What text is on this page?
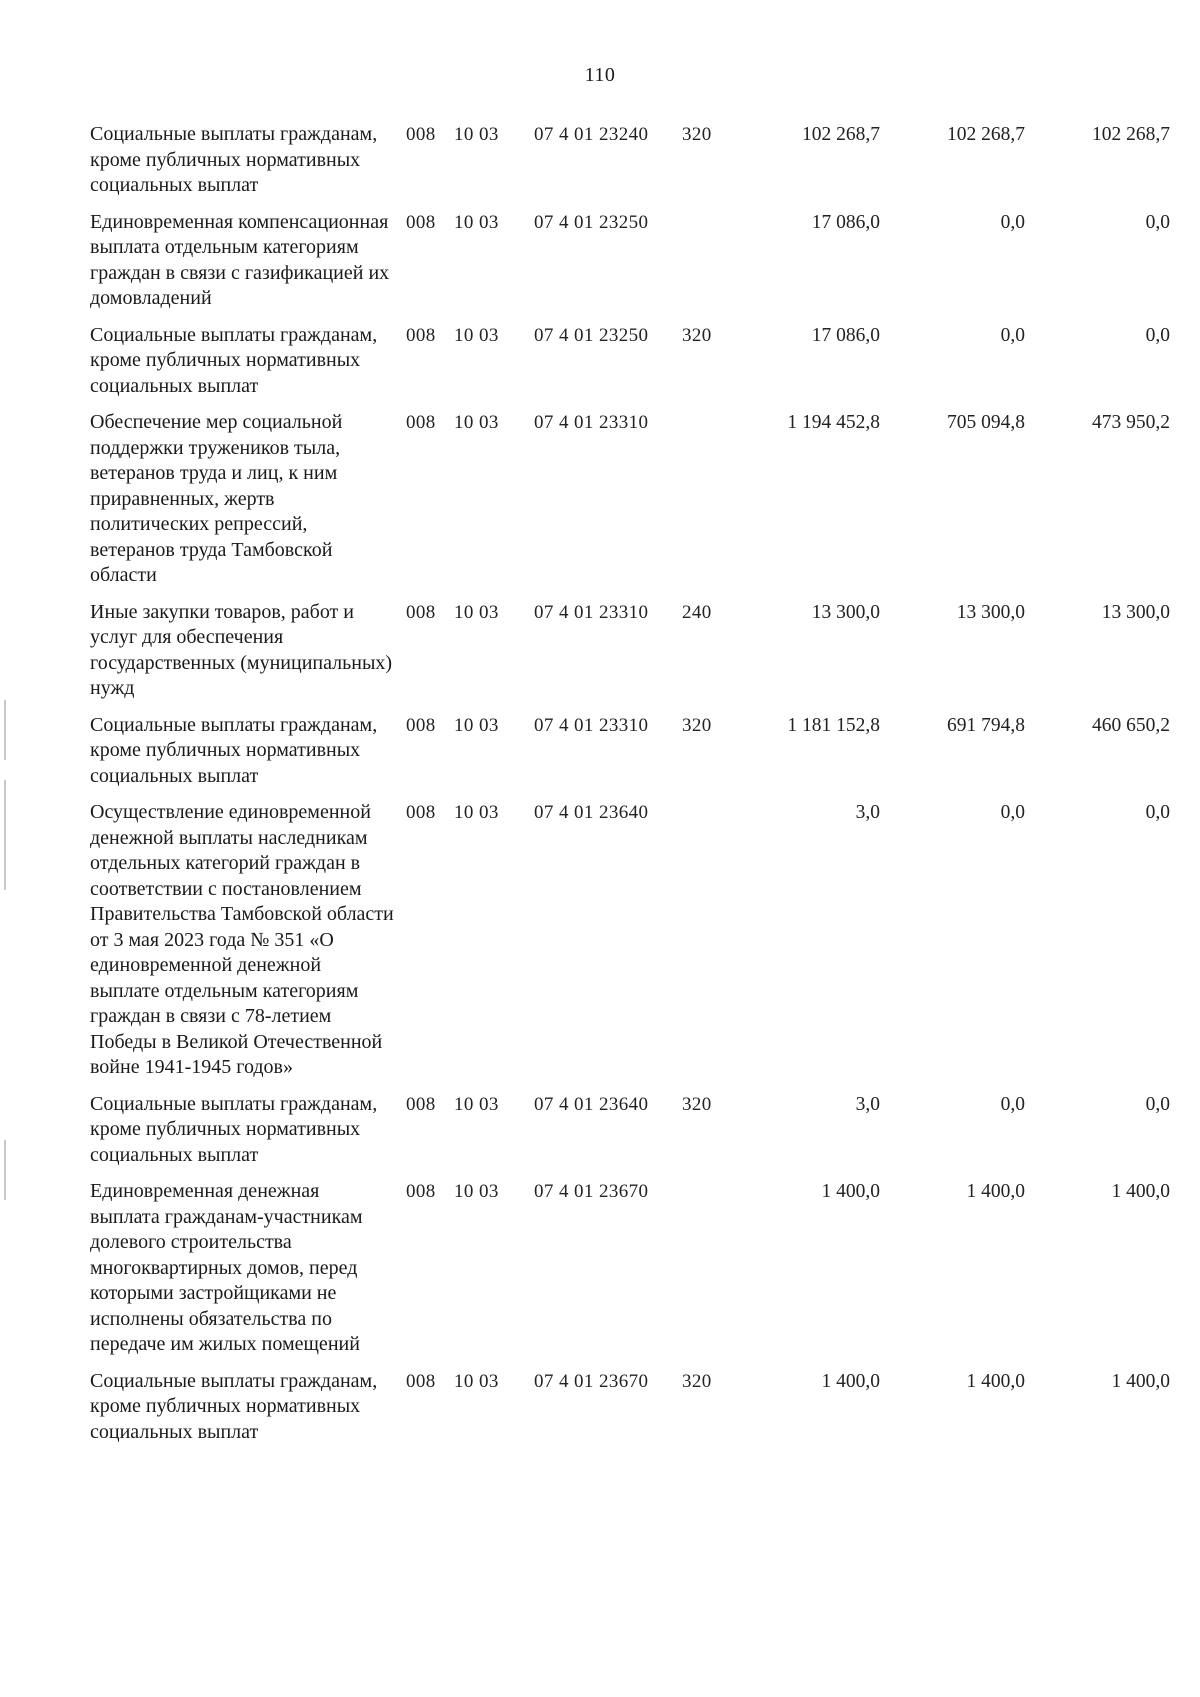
110
Социальные выплаты гражданам, кроме публичных нормативных социальных выплат	008	10 03	07 4 01 23240	320	102 268,7	102 268,7	102 268,7
Единовременная компенсационная выплата отдельным категориям граждан в связи с газификацией их домовладений	008	10 03	07 4 01 23250		17 086,0	0,0	0,0
Социальные выплаты гражданам, кроме публичных нормативных социальных выплат	008	10 03	07 4 01 23250	320	17 086,0	0,0	0,0
Обеспечение мер социальной поддержки тружеников тыла, ветеранов труда и лиц, к ним приравненных, жертв политических репрессий, ветеранов труда Тамбовской области	008	10 03	07 4 01 23310		1 194 452,8	705 094,8	473 950,2
Иные закупки товаров, работ и услуг для обеспечения государственных (муниципальных) нужд	008	10 03	07 4 01 23310	240	13 300,0	13 300,0	13 300,0
Социальные выплаты гражданам, кроме публичных нормативных социальных выплат	008	10 03	07 4 01 23310	320	1 181 152,8	691 794,8	460 650,2
Осуществление единовременной денежной выплаты наследникам отдельных категорий граждан в соответствии с постановлением Правительства Тамбовской области от 3 мая 2023 года № 351 «О единовременной денежной выплате отдельным категориям граждан в связи с 78-летием Победы в Великой Отечественной войне 1941-1945 годов»	008	10 03	07 4 01 23640		3,0	0,0	0,0
Социальные выплаты гражданам, кроме публичных нормативных социальных выплат	008	10 03	07 4 01 23640	320	3,0	0,0	0,0
Единовременная денежная выплата гражданам-участникам долевого строительства многоквартирных домов, перед которыми застройщиками не исполнены обязательства по передаче им жилых помещений	008	10 03	07 4 01 23670		1 400,0	1 400,0	1 400,0
Социальные выплаты гражданам, кроме публичных нормативных социальных выплат	008	10 03	07 4 01 23670	320	1 400,0	1 400,0	1 400,0
